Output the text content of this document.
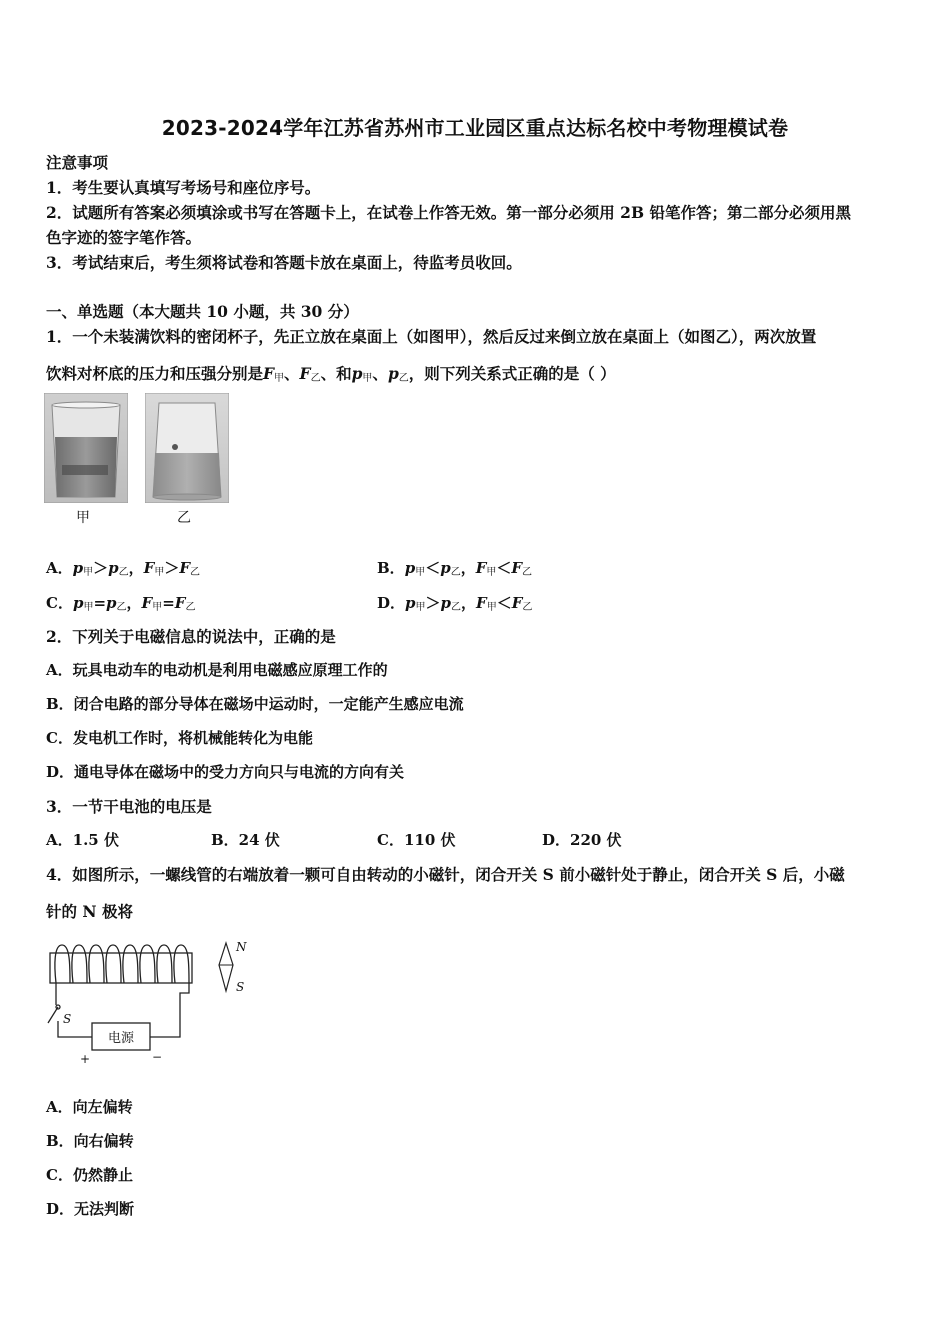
2023-2024学年江苏省苏州市工业园区重点达标名校中考物理模试卷
注意事项
1．考生要认真填写考场号和座位序号。
2．试题所有答案必须填涂或书写在答题卡上，在试卷上作答无效。第一部分必须用 2B 铅笔作答；第二部分必须用黑
色字迹的签字笔作答。
3．考试结束后，考生须将试卷和答题卡放在桌面上，待监考员收回。
一、单选题（本大题共 10 小题，共 30 分）
1．一个未装满饮料的密闭杯子，先正立放在桌面上（如图甲），然后反过来倒立放在桌面上（如图乙），两次放置
饮料对杯底的压力和压强分别是$F_甲$、$F_乙$、和$p_甲$、$p_乙$，则下列关系式正确的是（ ）
甲	乙
A．$p_甲>p_乙$，$F_甲>F_乙$	B．$p_甲<p_乙$，$F_甲<F_乙$
C．$p_甲=p_乙$，$F_甲=F_乙$	D．$p_甲>p_乙$，$F_甲<F_乙$
2．下列关于电磁信息的说法中，正确的是
A．玩具电动车的电动机是利用电磁感应原理工作的
B．闭合电路的部分导体在磁场中运动时，一定能产生感应电流
C．发电机工作时，将机械能转化为电能
D．通电导体在磁场中的受力方向只与电流的方向有关
3．一节干电池的电压是
A．1.5 伏	B．24 伏	C．110 伏	D．220 伏
4．如图所示，一螺线管的右端放着一颗可自由转动的小磁针，闭合开关 S 前小磁针处于静止，闭合开关 S 后，小磁
针的 N 极将
电源
S
+	−
N
S
A．向左偏转
B．向右偏转
C．仍然静止
D．无法判断
